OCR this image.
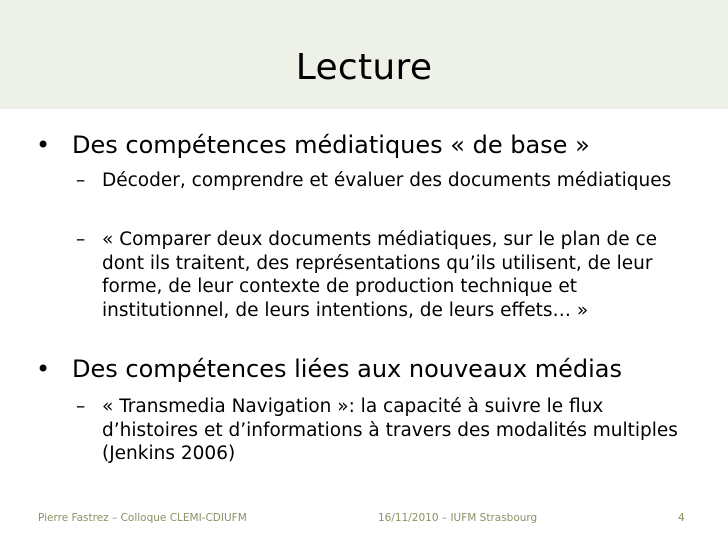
Lecture
• Des compétences médiatiques « de base »
– Décoder, comprendre et évaluer des documents médiatiques
– « Comparer deux documents médiatiques, sur le plan de ce dont ils traitent, des représentations qu’ils utilisent, de leur forme, de leur contexte de production technique et institutionnel, de leurs intentions, de leurs effets… »
• Des compétences liées aux nouveaux médias
– « Transmedia Navigation »: la capacité à suivre le flux d’histoires et d’informations à travers des modalités multiples (Jenkins 2006)
Pierre Fastrez – Colloque CLEMI-CDIUFM	16/11/2010 – IUFM Strasbourg	4
